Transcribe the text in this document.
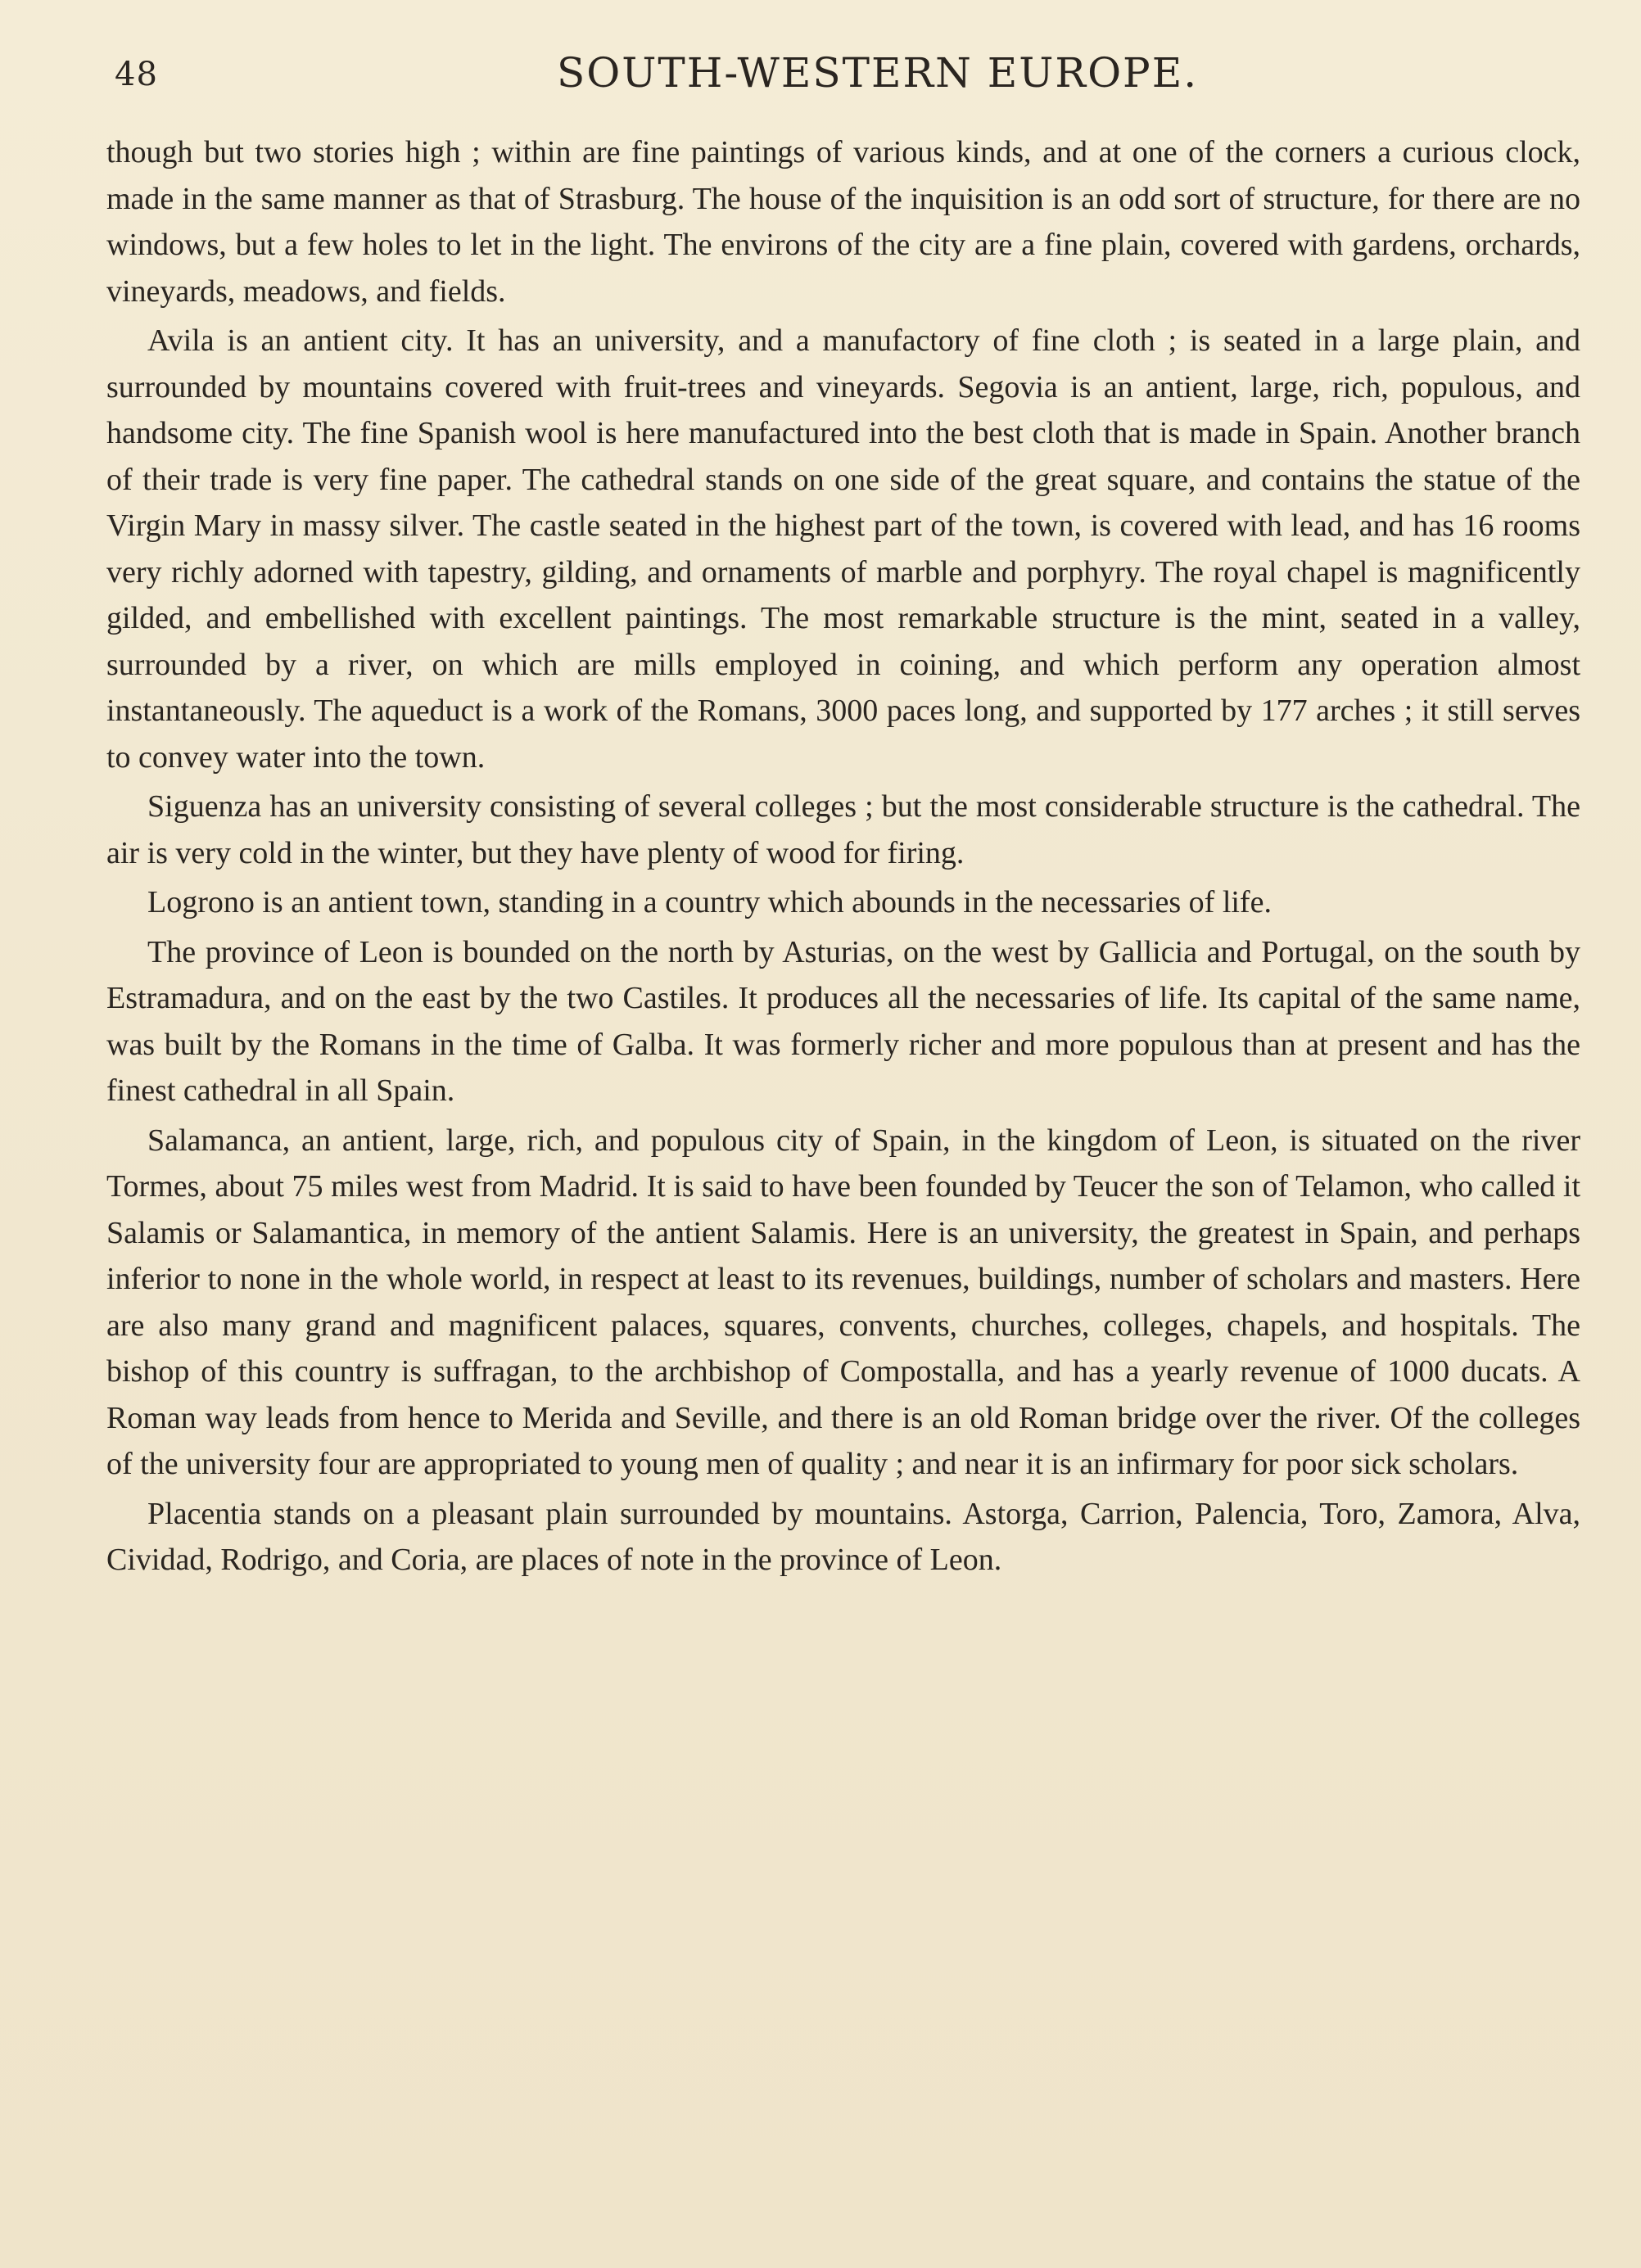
48	SOUTH-WESTERN EUROPE.

though but two stories high ; within are fine paintings of various kinds, and at one of the corners a curious clock, made in the same manner as that of Strasburg. The house of the inquisition is an odd sort of structure, for there are no windows, but a few holes to let in the light. The environs of the city are a fine plain, covered with gardens, orchards, vineyards, meadows, and fields.

Avila is an antient city. It has an university, and a manufactory of fine cloth ; is seated in a large plain, and surrounded by mountains covered with fruit-trees and vineyards. Segovia is an antient, large, rich, populous, and handsome city. The fine Spanish wool is here manufactured into the best cloth that is made in Spain. Another branch of their trade is very fine paper. The cathedral stands on one side of the great square, and contains the statue of the Virgin Mary in massy silver. The castle seated in the highest part of the town, is covered with lead, and has 16 rooms very richly adorned with tapestry, gilding, and ornaments of marble and porphyry. The royal chapel is magnificently gilded, and embellished with excellent paintings. The most remarkable structure is the mint, seated in a valley, surrounded by a river, on which are mills employed in coining, and which perform any operation almost instantaneously. The aqueduct is a work of the Romans, 3000 paces long, and supported by 177 arches ; it still serves to convey water into the town.

Siguenza has an university consisting of several colleges ; but the most considerable structure is the cathedral. The air is very cold in the winter, but they have plenty of wood for firing.

Logrono is an antient town, standing in a country which abounds in the necessaries of life.

The province of Leon is bounded on the north by Asturias, on the west by Gallicia and Portugal, on the south by Estramadura, and on the east by the two Castiles. It produces all the necessaries of life. Its capital of the same name, was built by the Romans in the time of Galba. It was formerly richer and more populous than at present and has the finest cathedral in all Spain.

Salamanca, an antient, large, rich, and populous city of Spain, in the kingdom of Leon, is situated on the river Tormes, about 75 miles west from Madrid. It is said to have been founded by Teucer the son of Telamon, who called it Salamis or Salamantica, in memory of the antient Salamis. Here is an university, the greatest in Spain, and perhaps inferior to none in the whole world, in respect at least to its revenues, buildings, number of scholars and masters. Here are also many grand and magnificent palaces, squares, convents, churches, colleges, chapels, and hospitals. The bishop of this country is suffragan, to the archbishop of Compostalla, and has a yearly revenue of 1000 ducats. A Roman way leads from hence to Merida and Seville, and there is an old Roman bridge over the river. Of the colleges of the university four are appropriated to young men of quality ; and near it is an infirmary for poor sick scholars.

Placentia stands on a pleasant plain surrounded by mountains. Astorga, Carrion, Palencia, Toro, Zamora, Alva, Cividad, Rodrigo, and Coria, are places of note in the province of Leon.
